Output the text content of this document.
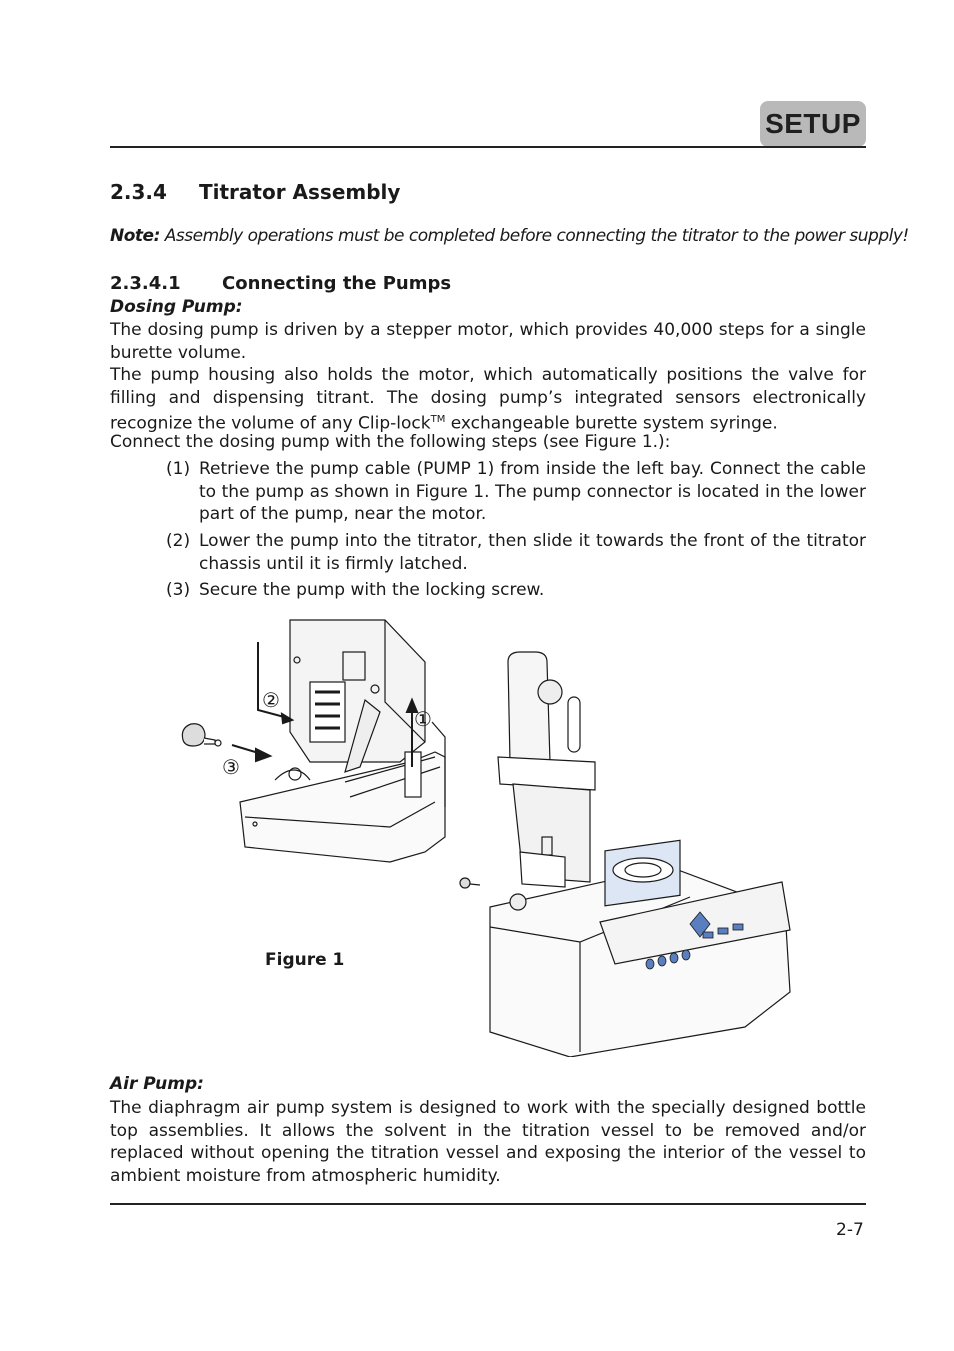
SETUP
2.3.4 Titrator Assembly
Note: Assembly operations must be completed before connecting the titrator to the power supply!
2.3.4.1 Connecting the Pumps
Dosing Pump:
The dosing pump is driven by a stepper motor, which provides 40,000 steps for a single burette volume.
The pump housing also holds the motor, which automatically positions the valve for filling and dispensing titrant. The dosing pump’s integrated sensors electronically recognize the volume of any Clip-lock™ exchangeable burette system syringe.
Connect the dosing pump with the following steps (see Figure 1.):
(1) Retrieve the pump cable (PUMP 1) from inside the left bay. Connect the cable to the pump as shown in Figure 1. The pump connector is located in the lower part of the pump, near the motor.
(2) Lower the pump into the titrator, then slide it towards the front of the titrator chassis until it is firmly latched.
(3) Secure the pump with the locking screw.
②
①
③
Figure 1
Air Pump:
The diaphragm air pump system is designed to work with the specially designed bottle top assemblies. It allows the solvent in the titration vessel to be removed and/or replaced without opening the titration vessel and exposing the interior of the vessel to ambient moisture from atmospheric humidity.
2-7
